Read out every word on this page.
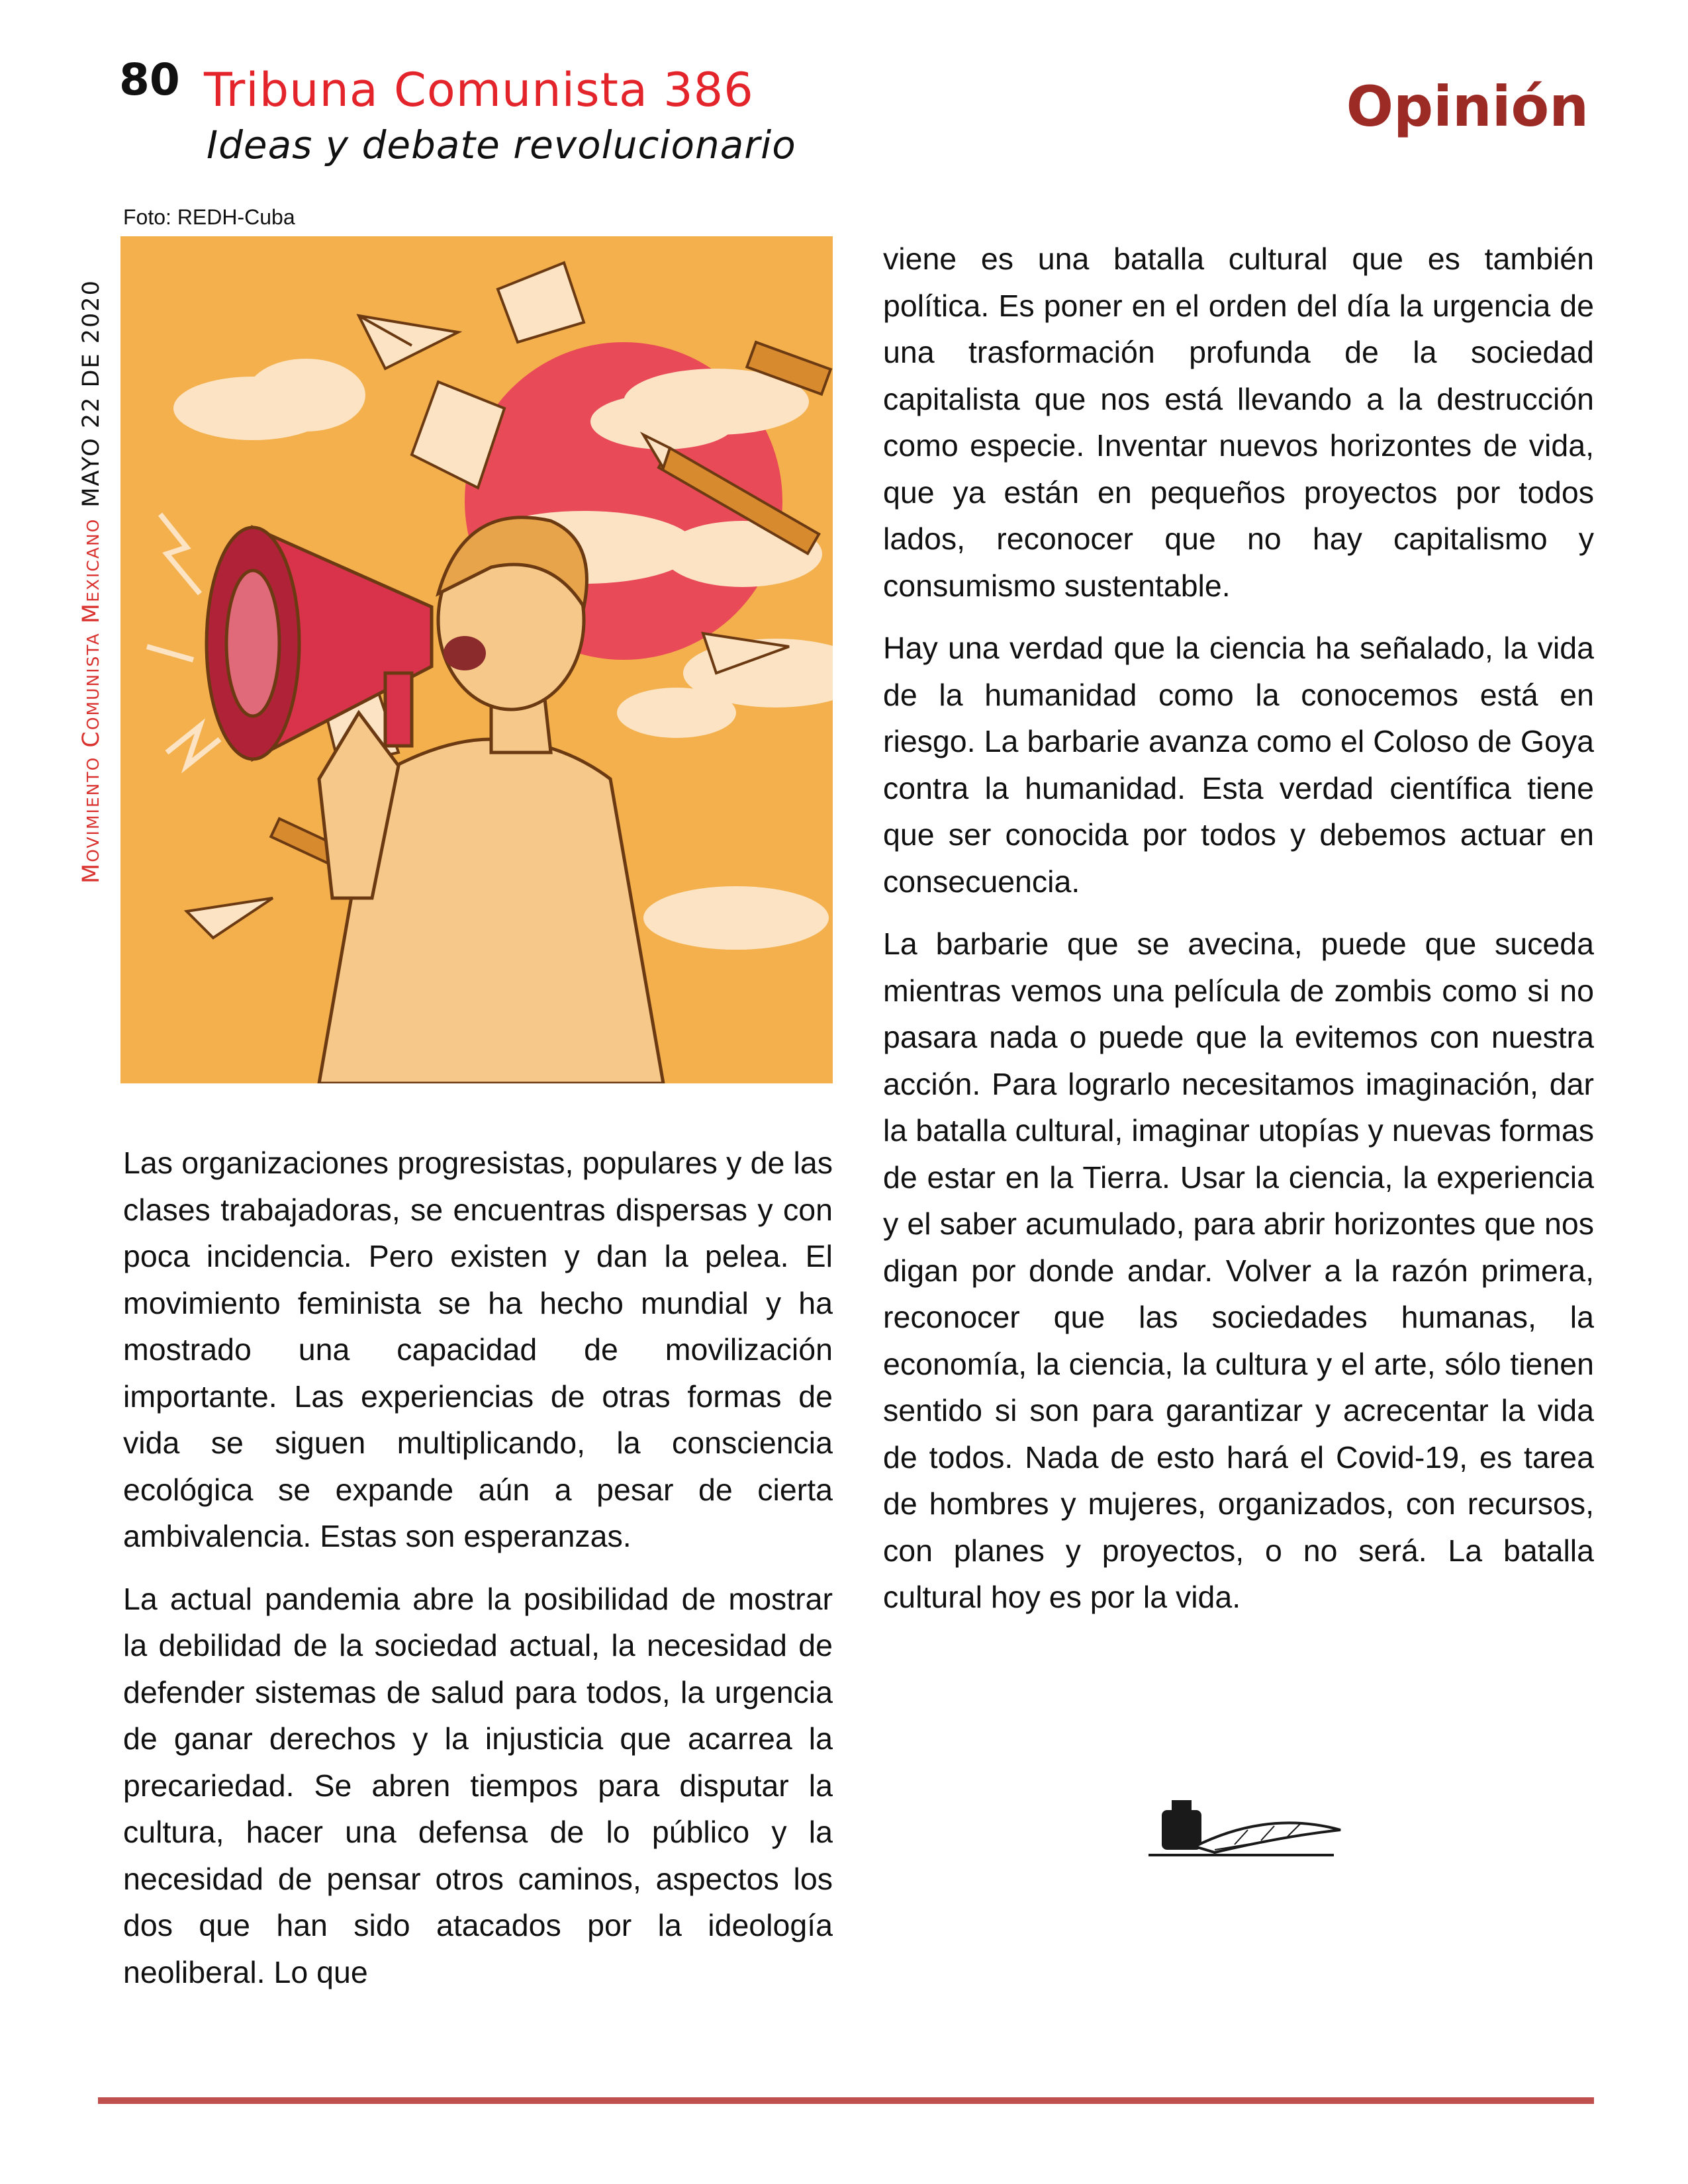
80 Tribuna Comunista 386
Ideas y debate revolucionario
Opinión
Movimiento Comunista MexicanoMAYO 22 DE 2020
Foto: REDH-Cuba

Las organizaciones progresistas, populares y de las clases trabajadoras, se encuentras dispersas y con poca incidencia. Pero existen y dan la pelea. El movimiento feminista se ha hecho mundial y ha mostrado una capacidad de movilización importante. Las experiencias de otras formas de vida se siguen multiplicando, la consciencia ecológica se expande aún a pesar de cierta ambivalencia. Estas son esperanzas.

La actual pandemia abre la posibilidad de mostrar la debilidad de la sociedad actual, la necesidad de defender sistemas de salud para todos, la urgencia de ganar derechos y la injusticia que acarrea la precariedad. Se abren tiempos para disputar la cultura, hacer una defensa de lo público y la necesidad de pensar otros caminos, aspectos los dos que han sido atacados por la ideología neoliberal. Lo que

viene es una batalla cultural que es también política. Es poner en el orden del día la urgencia de una trasformación profunda de la sociedad capitalista que nos está llevando a la destrucción como especie. Inventar nuevos horizontes de vida, que ya están en pequeños proyectos por todos lados, reconocer que no hay capitalismo y consumismo sustentable.

Hay una verdad que la ciencia ha señalado, la vida de la humanidad como la conocemos está en riesgo. La barbarie avanza como el Coloso de Goya contra la humanidad. Esta verdad científica tiene que ser conocida por todos y debemos actuar en consecuencia.

La barbarie que se avecina, puede que suceda mientras vemos una película de zombis como si no pasara nada o puede que la evitemos con nuestra acción. Para lograrlo necesitamos imaginación, dar la batalla cultural, imaginar utopías y nuevas formas de estar en la Tierra. Usar la ciencia, la experiencia y el saber acumulado, para abrir horizontes que nos digan por donde andar. Volver a la razón primera, reconocer que las sociedades humanas, la economía, la ciencia, la cultura y el arte, sólo tienen sentido si son para garantizar y acrecentar la vida de todos. Nada de esto hará el Covid-19, es tarea de hombres y mujeres, organizados, con recursos, con planes y proyectos, o no será. La batalla cultural hoy es por la vida.
